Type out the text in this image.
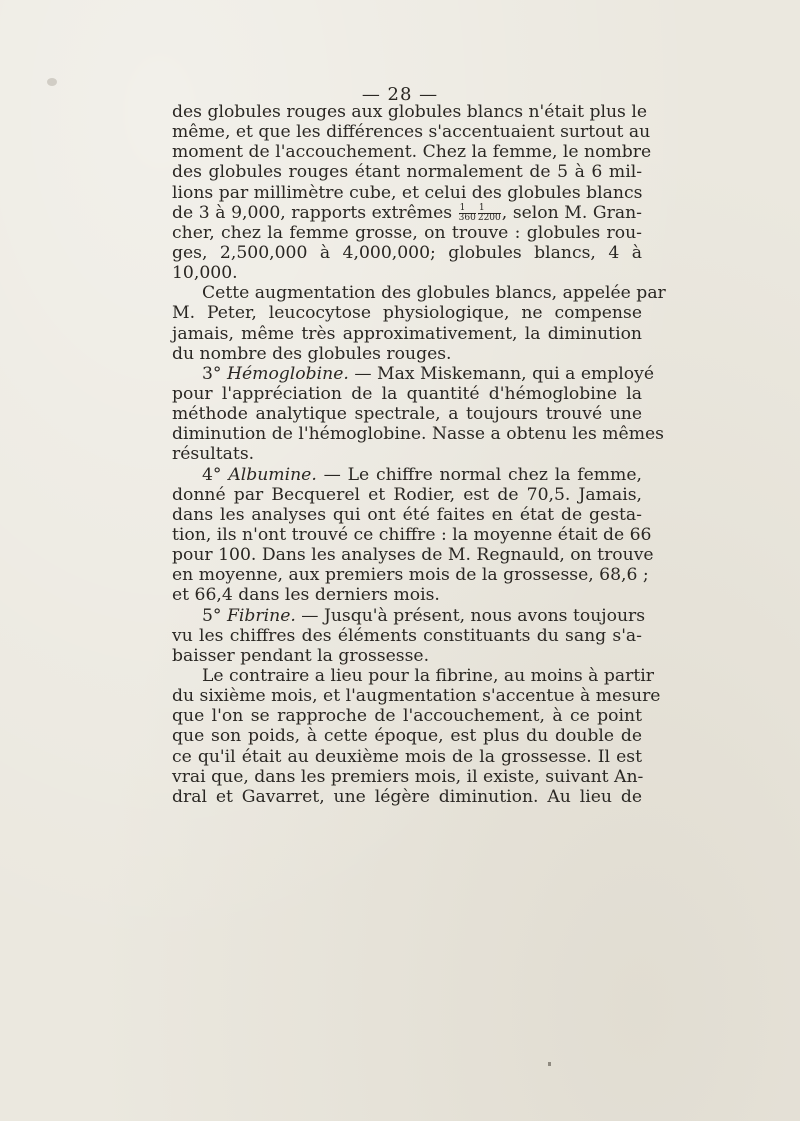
— 28 —
des globules rouges aux globules blancs n'était plus le
même, et que les différences s'accentuaient surtout au
moment de l'accouchement. Chez la femme, le nombre
des globules rouges étant normalement de 5 à 6 mil-
lions par millimètre cube, et celui des globules blancs
de 3 à 9,000, rapports extrêmes $\frac{1}{360} \frac{1}{2200}$ , selon M. Gran-
cher, chez la femme grosse, on trouve : globules rou-
ges, 2,500,000 à 4,000,000; globules blancs, 4 à
10,000.
Cette augmentation des globules blancs, appelée par
M. Peter, leucocytose physiologique, ne compense
jamais, même très approximativement, la diminution
du nombre des globules rouges.
3° Hémoglobine. — Max Miskemann, qui a employé
pour l'appréciation de la quantité d'hémoglobine la
méthode analytique spectrale, a toujours trouvé une
diminution de l'hémoglobine. Nasse a obtenu les mêmes
résultats.
4° Albumine. — Le chiffre normal chez la femme,
donné par Becquerel et Rodier, est de 70,5. Jamais,
dans les analyses qui ont été faites en état de gesta-
tion, ils n'ont trouvé ce chiffre : la moyenne était de 66
pour 100. Dans les analyses de M. Regnauld, on trouve
en moyenne, aux premiers mois de la grossesse, 68,6 ;
et 66,4 dans les derniers mois.
5° Fibrine. — Jusqu'à présent, nous avons toujours
vu les chiffres des éléments constituants du sang s'a-
baisser pendant la grossesse.
Le contraire a lieu pour la fibrine, au moins à partir
du sixième mois, et l'augmentation s'accentue à mesure
que l'on se rapproche de l'accouchement, à ce point
que son poids, à cette époque, est plus du double de
ce qu'il était au deuxième mois de la grossesse. Il est
vrai que, dans les premiers mois, il existe, suivant An-
dral et Gavarret, une légère diminution. Au lieu de
